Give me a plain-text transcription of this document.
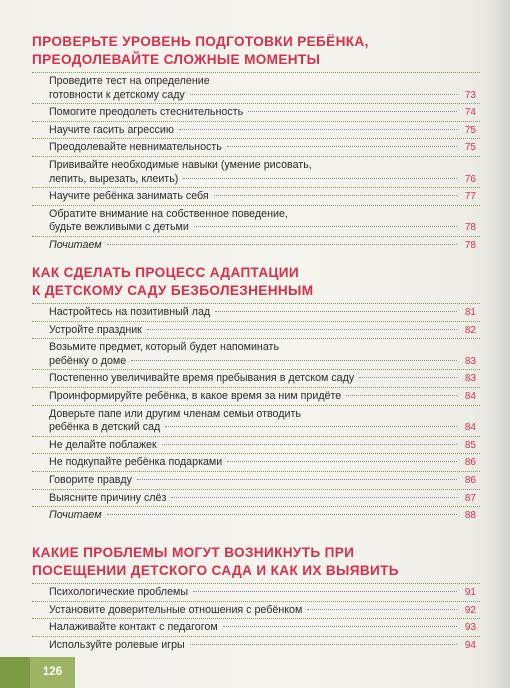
ПРОВЕРЬТЕ УРОВЕНЬ ПОДГОТОВКИ РЕБЁНКА,
ПРЕОДОЛЕВАЙТЕ СЛОЖНЫЕ МОМЕНТЫ
Проведите тест на определение
готовности к детскому саду	73
Помогите преодолеть стеснительность	74
Научите гасить агрессию	75
Преодолевайте невнимательность	75
Прививайте необходимые навыки (умение рисовать,
лепить, вырезать, клеить)	76
Научите ребёнка занимать себя	77
Обратите внимание на собственное поведение,
будьте вежливыми с детьми	78
Почитаем	78
КАК СДЕЛАТЬ ПРОЦЕСС АДАПТАЦИИ
К ДЕТСКОМУ САДУ БЕЗБОЛЕЗНЕННЫМ
Настройтесь на позитивный лад	81
Устройте праздник	82
Возьмите предмет, который будет напоминать
ребёнку о доме	83
Постепенно увеличивайте время пребывания в детском саду	83
Проинформируйте ребёнка, в какое время за ним придёте	84
Доверьте папе или другим членам семьи отводить
ребёнка в детский сад	84
Не делайте поблажек	85
Не подкупайте ребёнка подарками	86
Говорите правду	86
Выясните причину слёз	87
Почитаем	88
КАКИЕ ПРОБЛЕМЫ МОГУТ ВОЗНИКНУТЬ ПРИ
ПОСЕЩЕНИИ ДЕТСКОГО САДА И КАК ИХ ВЫЯВИТЬ
Психологические проблемы	91
Установите доверительные отношения с ребёнком	92
Налаживайте контакт с педагогом	93
Используйте ролевые игры	94
126
